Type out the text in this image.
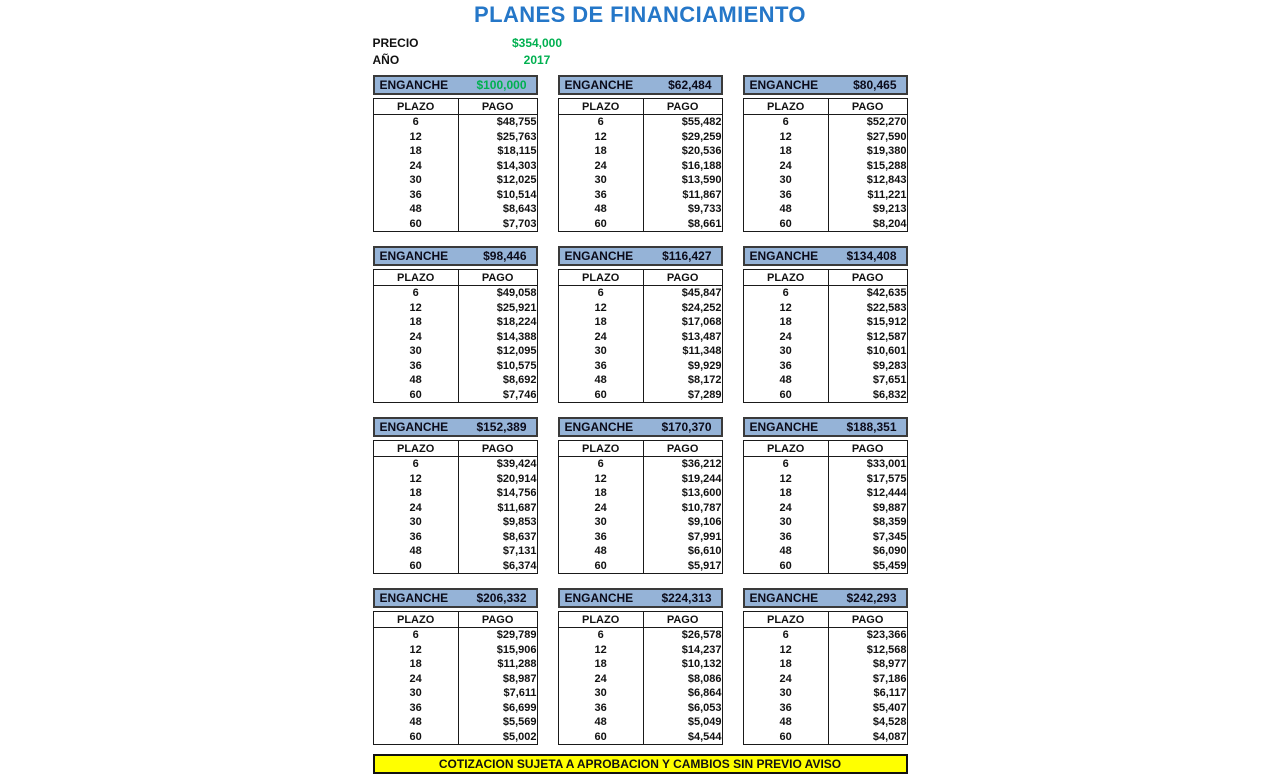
PLANES DE FINANCIAMIENTO
PRECIO	$354,000
AÑO	2017
ENGANCHE $100,000
PLAZO	PAGO
6	$48,755
12	$25,763
18	$18,115
24	$14,303
30	$12,025
36	$10,514
48	$8,643
60	$7,703
ENGANCHE	$62,484
PLAZO	PAGO
6	$55,482
12	$29,259
18	$20,536
24	$16,188
30	$13,590
36	$11,867
48	$9,733
60	$8,661
ENGANCHE	$80,465
PLAZO	PAGO
6	$52,270
12	$27,590
18	$19,380
24	$15,288
30	$12,843
36	$11,221
48	$9,213
60	$8,204
ENGANCHE	$98,446
PLAZO	PAGO
6	$49,058
12	$25,921
18	$18,224
24	$14,388
30	$12,095
36	$10,575
48	$8,692
60	$7,746
ENGANCHE $116,427
PLAZO	PAGO
6	$45,847
12	$24,252
18	$17,068
24	$13,487
30	$11,348
36	$9,929
48	$8,172
60	$7,289
ENGANCHE $134,408
PLAZO	PAGO
6	$42,635
12	$22,583
18	$15,912
24	$12,587
30	$10,601
36	$9,283
48	$7,651
60	$6,832
ENGANCHE $152,389
PLAZO	PAGO
6	$39,424
12	$20,914
18	$14,756
24	$11,687
30	$9,853
36	$8,637
48	$7,131
60	$6,374
ENGANCHE $170,370
PLAZO	PAGO
6	$36,212
12	$19,244
18	$13,600
24	$10,787
30	$9,106
36	$7,991
48	$6,610
60	$5,917
ENGANCHE $188,351
PLAZO	PAGO
6	$33,001
12	$17,575
18	$12,444
24	$9,887
30	$8,359
36	$7,345
48	$6,090
60	$5,459
ENGANCHE $206,332
PLAZO	PAGO
6	$29,789
12	$15,906
18	$11,288
24	$8,987
30	$7,611
36	$6,699
48	$5,569
60	$5,002
ENGANCHE $224,313
PLAZO	PAGO
6	$26,578
12	$14,237
18	$10,132
24	$8,086
30	$6,864
36	$6,053
48	$5,049
60	$4,544
ENGANCHE $242,293
PLAZO	PAGO
6	$23,366
12	$12,568
18	$8,977
24	$7,186
30	$6,117
36	$5,407
48	$4,528
60	$4,087
COTIZACION SUJETA A APROBACION Y CAMBIOS SIN PREVIO AVISO
